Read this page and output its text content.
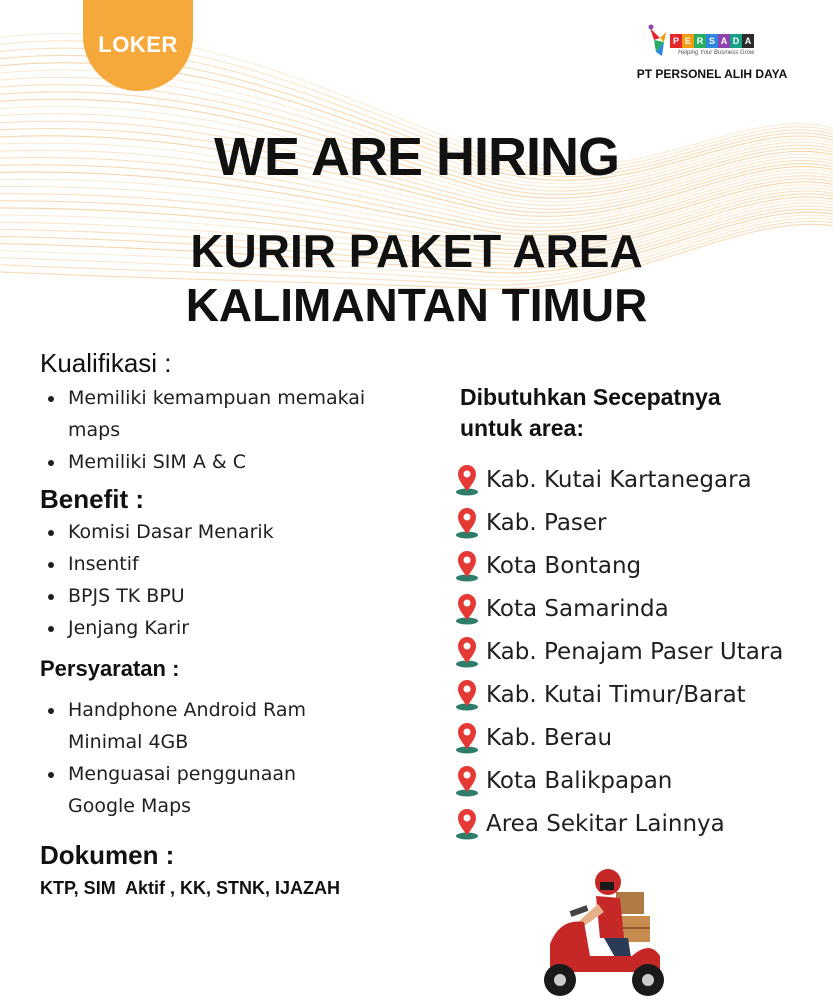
LOKER	P E R S A D A
Helping Your Business Grow
PT PERSONEL ALIH DAYA
WE ARE HIRING
KURIR PAKET AREA
KALIMANTAN TIMUR
Kualifikasi :
Memiliki kemampuan memakai maps
Memiliki SIM A & C
Benefit :
Komisi Dasar Menarik
Insentif
BPJS TK BPU
Jenjang Karir
Persyaratan :
Handphone Android Ram Minimal 4GB
Menguasai penggunaan Google Maps
Dokumen :
KTP, SIM  Aktif , KK, STNK, IJAZAH
Dibutuhkan Secepatnya
untuk area:
Kab. Kutai Kartanegara
Kab. Paser
Kota Bontang
Kota Samarinda
Kab. Penajam Paser Utara
Kab. Kutai Timur/Barat
Kab. Berau
Kota Balikpapan
Area Sekitar Lainnya
